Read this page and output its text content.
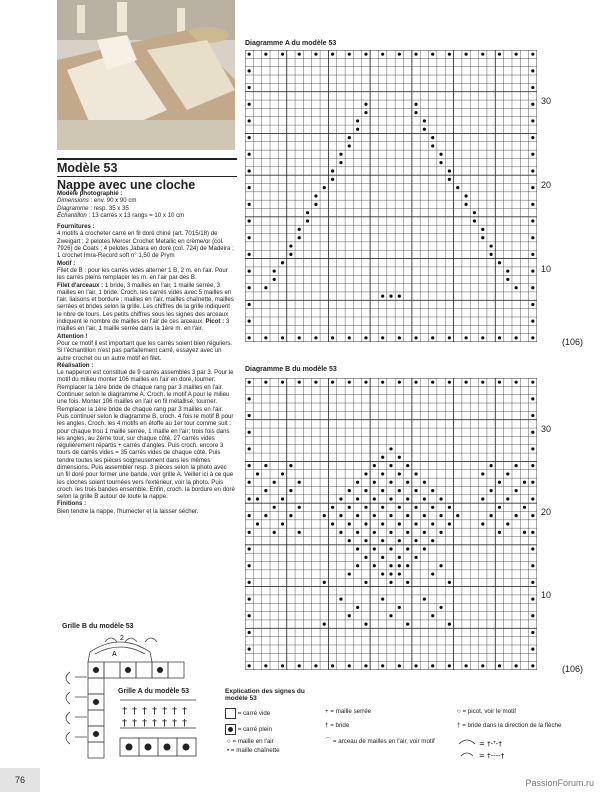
Modèle 53
Nappe avec une cloche

Modèle photographié :

Dimensions : env. 90 x 90 cm

Diagramme : resp. 35 x 35

Échantillon : 13 carrés x 13 rangs = 10 x 10 cm

Fournitures :

4 motifs à crocheter carré en fil doré chiné (art. 7015/18) de Zweigart ; 2 pelotes Mercer Crochet Metallic en crème/or (col. 7926) de Coats ; 4 pelotes Jabara en doré (col. 724) de Madeira ; 1 crochet Imra-Record soft n° 1,50 de Prym

Motif :

Filet de B : pour les carrés vides alterner 1 B, 2 m. en l'air. Pour les carrés pleins remplacer les m. en l'air par des B.

Filet d'arceaux : 1 bride, 3 mailles en l'air, 1 maille serrée, 3 mailles en l'air, 1 bride. Croch. les carrés vides avec 5 mailles en l'air, liaisons et bordure : mailles en l'air, mailles chaînette, mailles serrées et brides selon la grille. Les chiffres de la grille indiquent le nbre de tours. Les petits chiffres sous les signes des arceaux indiquent le nombre de mailles en l'air de ces arceaux. Picot : 3 mailles en l'air, 1 maille serrée dans la 1ère m. en l'air.

Attention !

Pour ce motif il est important que les carrés soient bien réguliers. Si l'échantillon n'est pas parfaitement carré, essayez avec un autre crochet ou un autre motif en filet.

Réalisation :

Le napperon est constitué de 9 carrés assemblés 3 par 3. Pour le motif du milieu monter 106 mailles en l'air en doré, tourner. Remplacer la 1ère bride de chaque rang par 3 mailles en l'air. Continuer selon le diagramme A. Croch. le motif A pour le milieu une fois. Monter 106 mailles en l'air en fil métallisé, tourner. Remplacer la 1ère bride de chaque rang par 3 mailles en l'air. Puis continuer selon le diagramme B, croch. 4 fois le motif B pour les angles. Croch. les 4 motifs en étoffe au 1er tour comme suit : pour chaque trou 1 maille serrée, 1 maille en l'air; trois fois dans les angles, au 2ème tour, sur chaque côté, 27 carrés vides régulièrement répartis + carrés d'angles. Puis croch. encore 3 tours de carrés vides = 35 carrés vides de chaque côté. Puis tendre toutes les pièces soigneusement dans les mêmes dimensions. Puis assembler resp. 3 pièces selon la photo avec un fil doré pour former une bande, voir grille A. Veiller ici à ce que les cloches soient tournées vers l'extérieur, voir la photo. Puis croch. les trois bandes ensemble. Enfin, croch. la bordure en doré selon la grille B autour de toute la nappe.

Finitions :

Bien tendre la nappe, l'humecter et la laisser sécher.

Diagramme A du modèle 53
30
20
10
(106)
Diagramme B du modèle 53
30
20
10
(106)
Grille B du modèle 53
2
A
Grille A du modèle 53
† † † † † † †
† † † † † † †
Explication des signes du modèle 53
= carré vide
= carré plein
○ = maille en l'air
• = maille chaînette
+ = maille serrée
† = bride
⌒ = arceau de mailles en l'air, voir motif
○ = picot, voir le motif
† = bride dans la direction de la flèche
= †-ᵀ-†
= †----†
76	PassionForum.ru
